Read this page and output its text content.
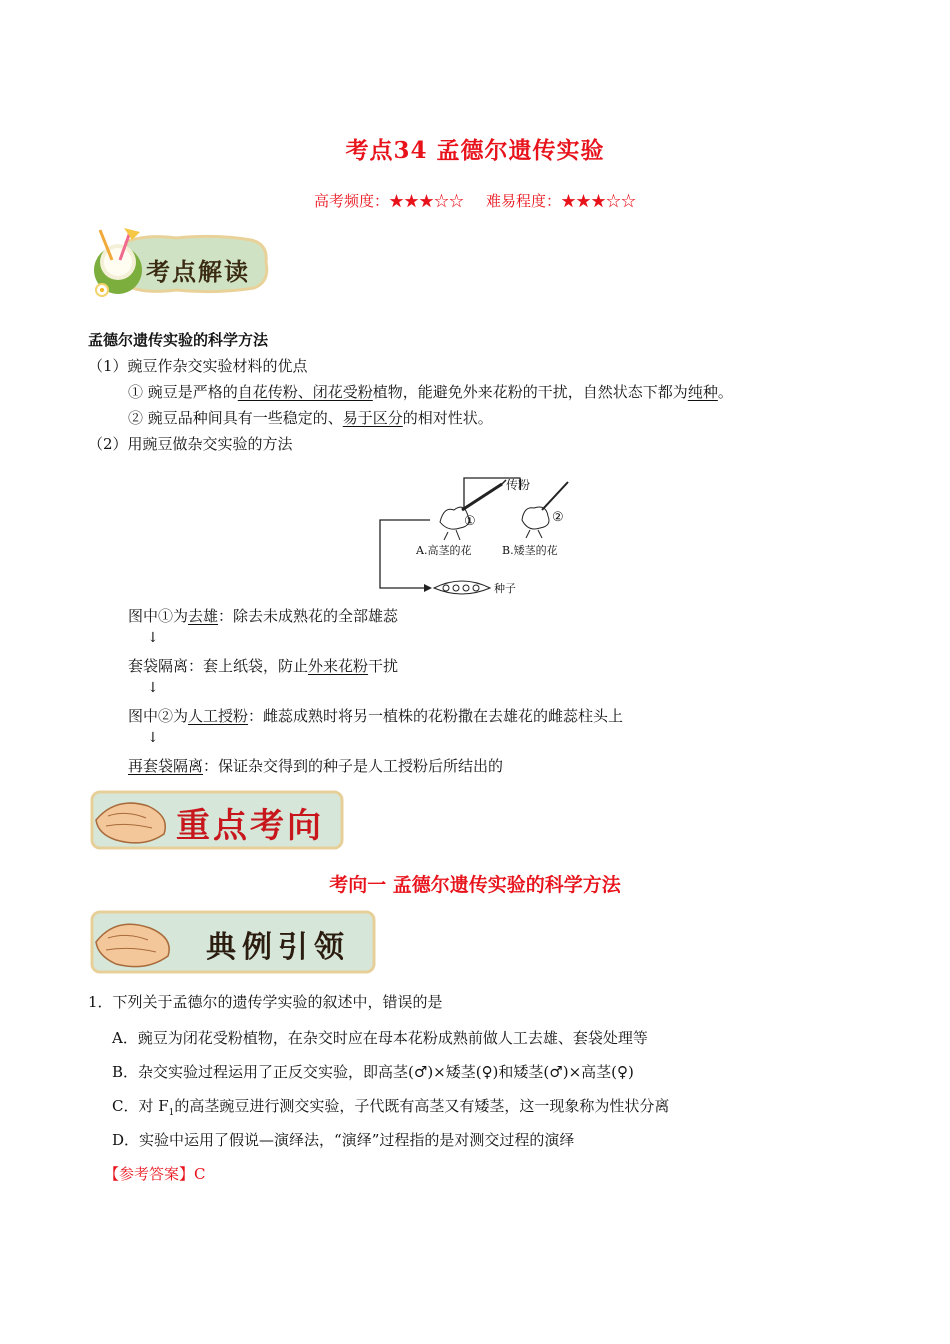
考点34 孟德尔遗传实验
高考频度：★★★☆☆ 难易程度：★★★☆☆
考点解读
孟德尔遗传实验的科学方法
（1）豌豆作杂交实验材料的优点
① 豌豆是严格的自花传粉、闭花受粉植物，能避免外来花粉的干扰，自然状态下都为纯种。
② 豌豆品种间具有一些稳定的、易于区分的相对性状。
（2）用豌豆做杂交实验的方法
传粉
①	②
A.高茎的花	B.矮茎的花
种子
图中①为去雄：除去未成熟花的全部雄蕊
↓
套袋隔离：套上纸袋，防止外来花粉干扰
↓
图中②为人工授粉：雌蕊成熟时将另一植株的花粉撒在去雄花的雌蕊柱头上
↓
再套袋隔离：保证杂交得到的种子是人工授粉后所结出的
重点考向
考向一 孟德尔遗传实验的科学方法
典例引领
1．下列关于孟德尔的遗传学实验的叙述中，错误的是
A．豌豆为闭花受粉植物，在杂交时应在母本花粉成熟前做人工去雄、套袋处理等
B．杂交实验过程运用了正反交实验，即高茎(♂)×矮茎(♀)和矮茎(♂)×高茎(♀)
C．对 $F_1$的高茎豌豆进行测交实验，子代既有高茎又有矮茎，这一现象称为性状分离
D．实验中运用了假说—演绎法，“演绎”过程指的是对测交过程的演绎
【参考答案】C
